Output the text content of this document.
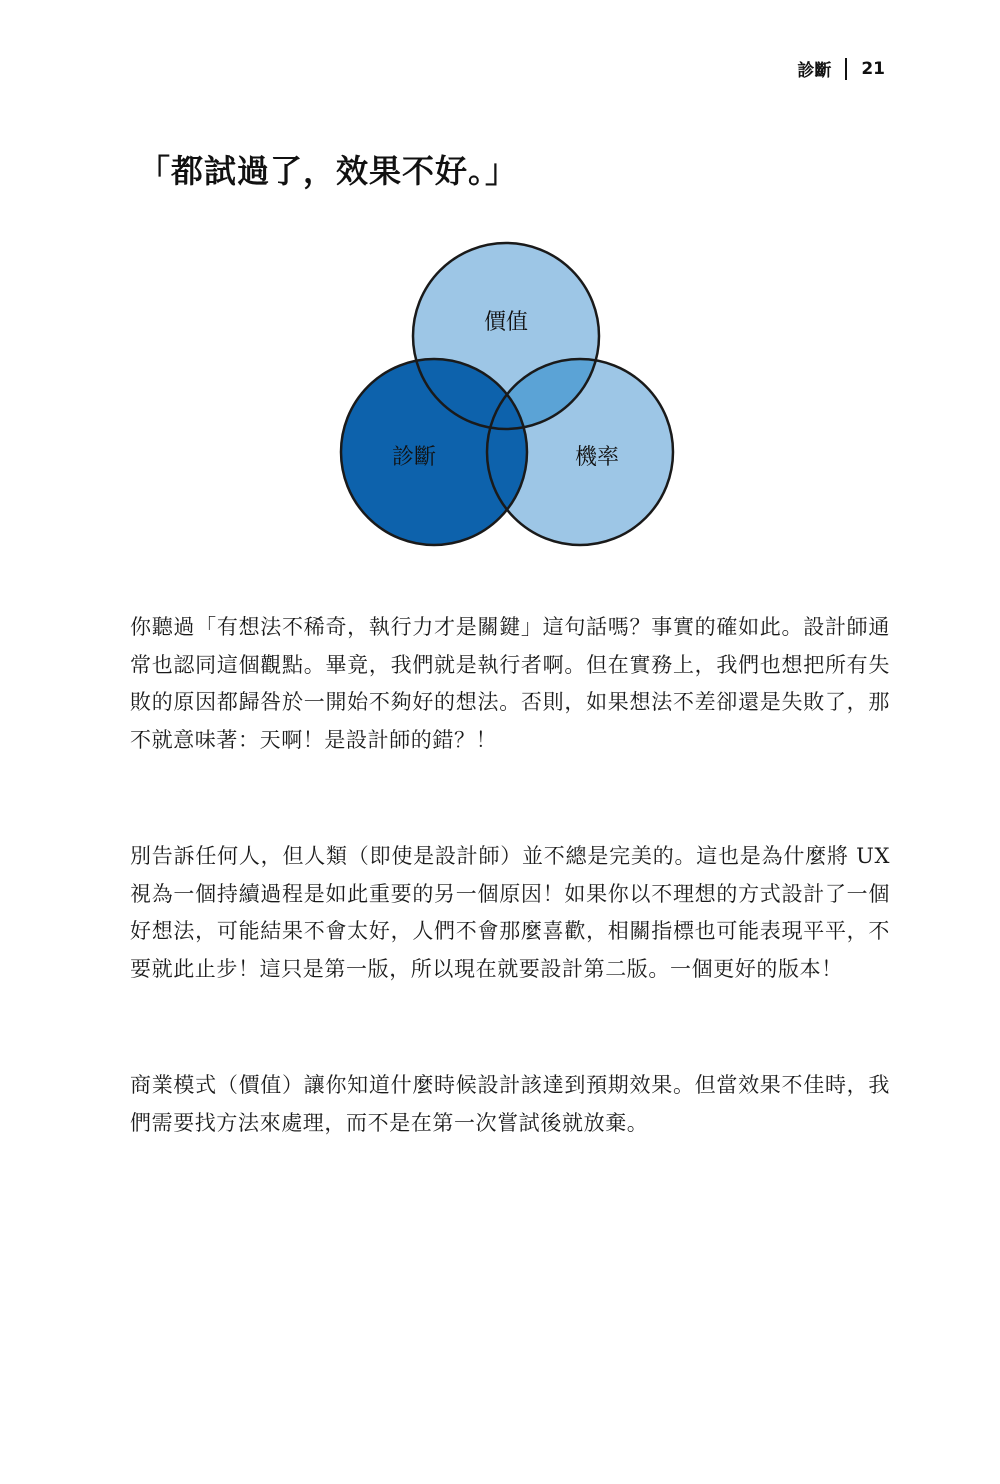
診斷 21
「都試過了，效果不好。」
價值
診斷	機率

你聽過「有想法不稀奇，執行力才是關鍵」這句話嗎？事實的確如此。設計師通常也認同這個觀點。畢竟，我們就是執行者啊。但在實務上，我們也想把所有失敗的原因都歸咎於一開始不夠好的想法。否則，如果想法不差卻還是失敗了，那不就意味著：天啊！是設計師的錯？！

別告訴任何人，但人類（即使是設計師）並不總是完美的。這也是為什麼將 UX 視為一個持續過程是如此重要的另一個原因！如果你以不理想的方式設計了一個好想法，可能結果不會太好，人們不會那麼喜歡，相關指標也可能表現平平，不要就此止步！這只是第一版，所以現在就要設計第二版。一個更好的版本！

商業模式（價值）讓你知道什麼時候設計該達到預期效果。但當效果不佳時，我們需要找方法來處理，而不是在第一次嘗試後就放棄。
